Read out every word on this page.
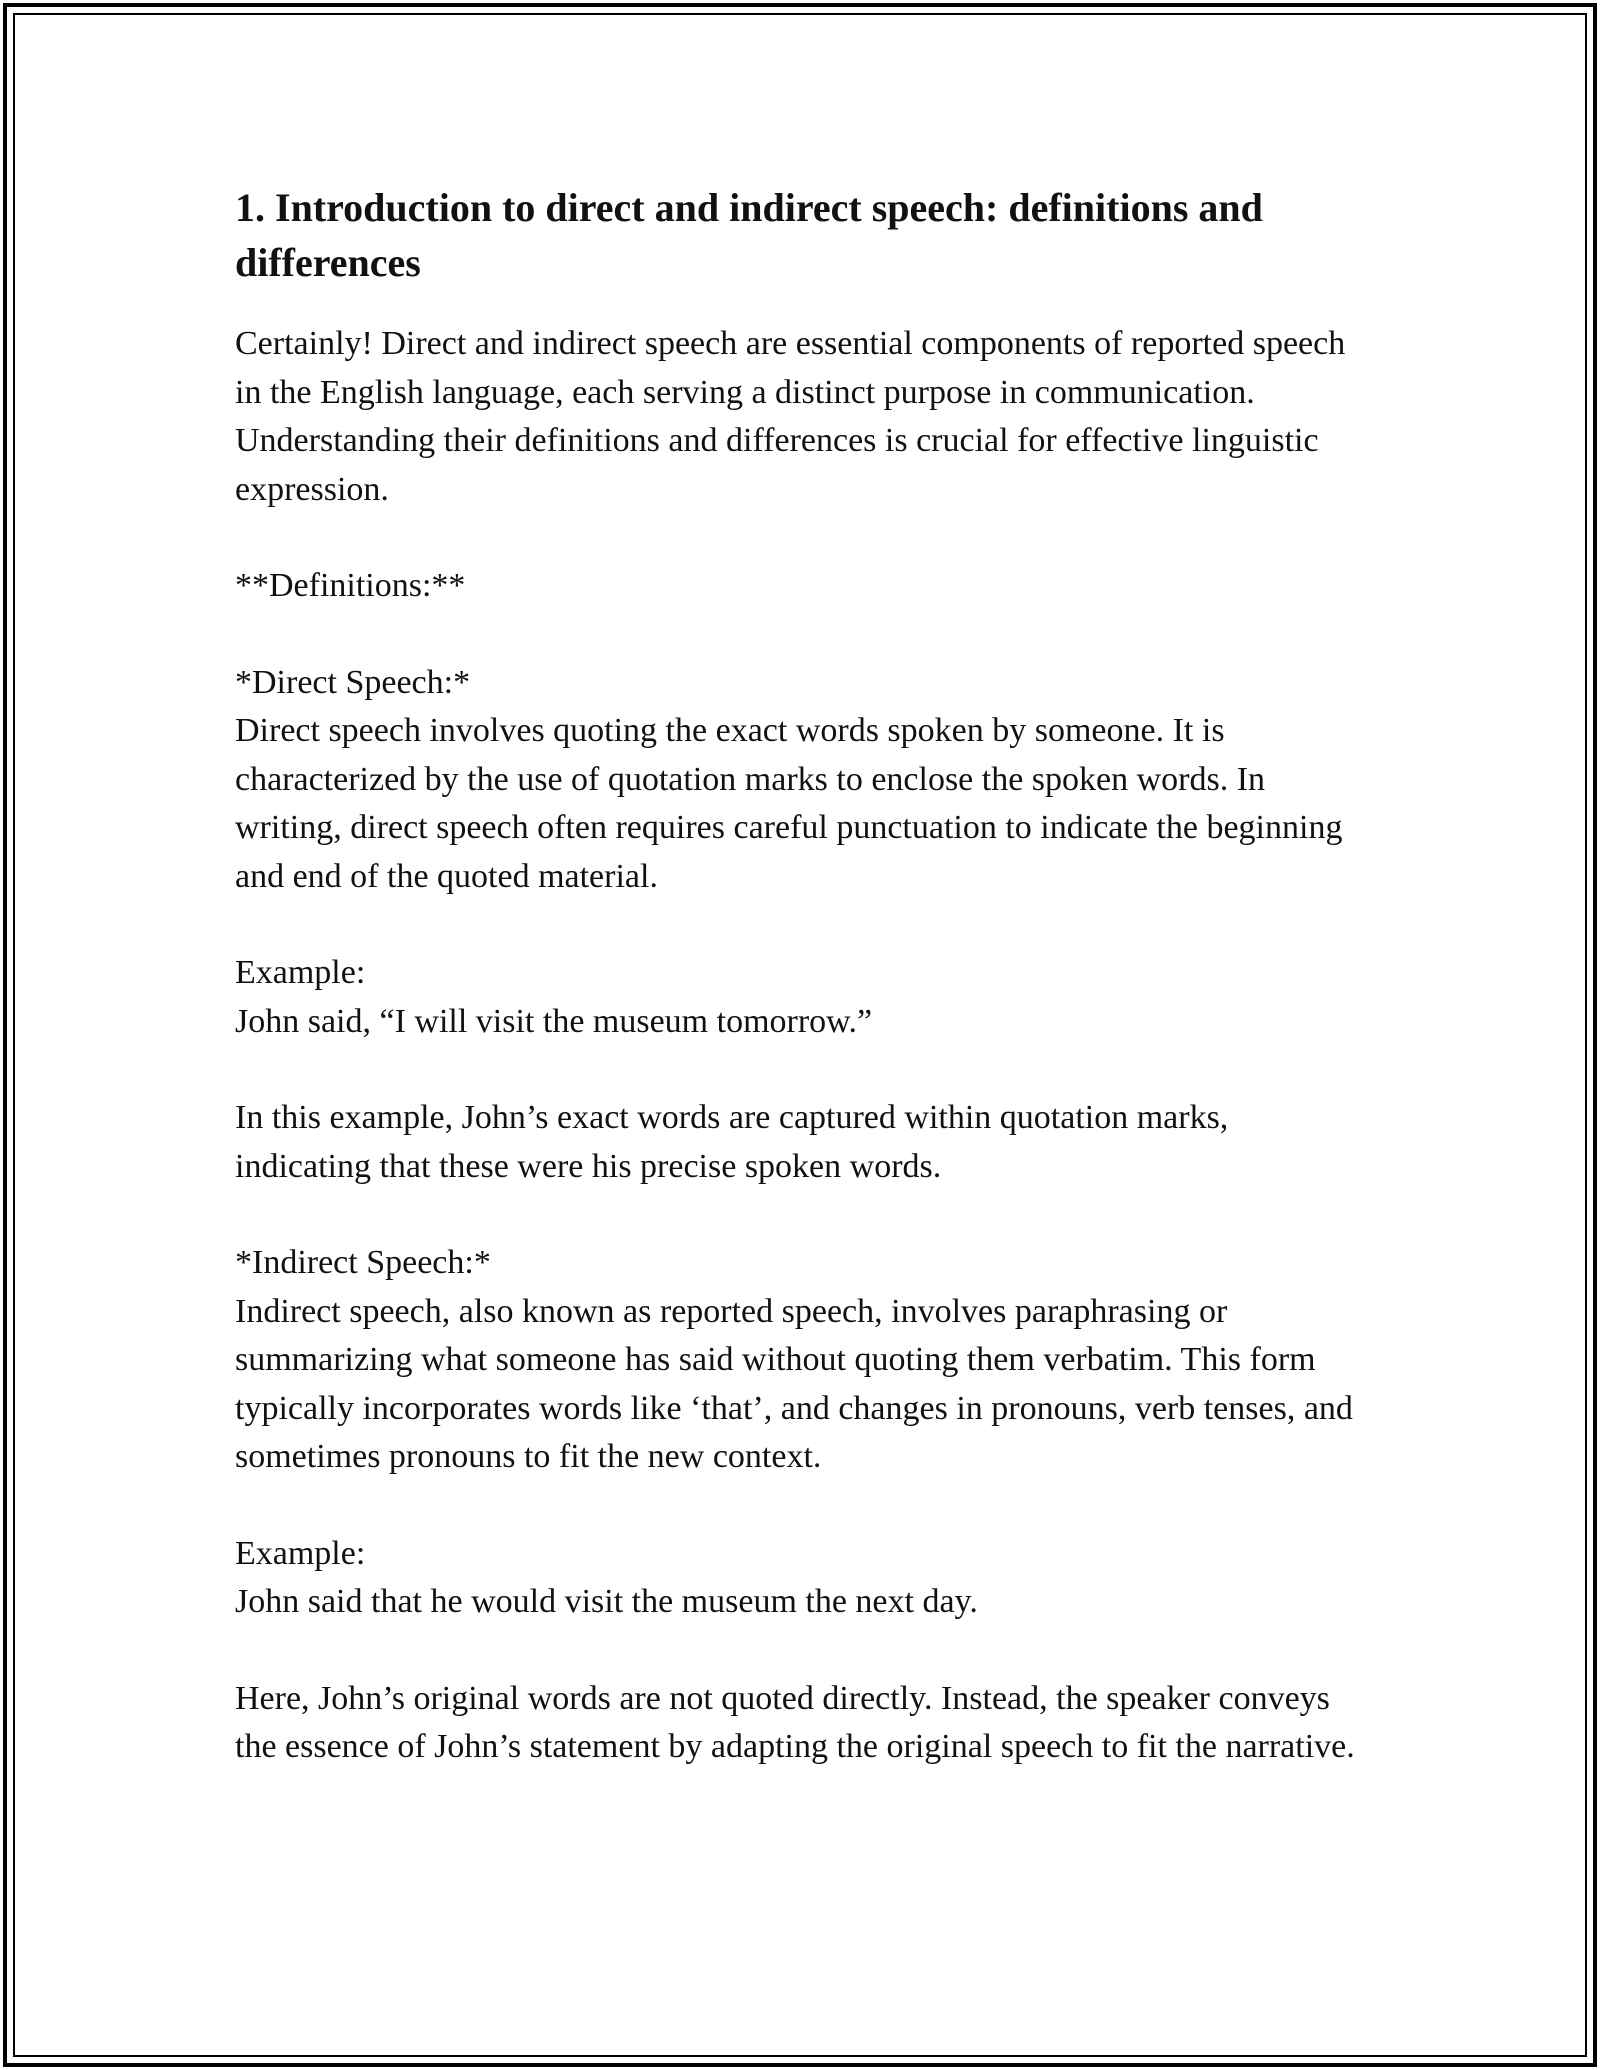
1. Introduction to direct and indirect speech: definitions and differences

Certainly! Direct and indirect speech are essential components of reported speech in the English language, each serving a distinct purpose in communication. Understanding their definitions and differences is crucial for effective linguistic expression.

**Definitions:**

*Direct Speech:*
Direct speech involves quoting the exact words spoken by someone. It is characterized by the use of quotation marks to enclose the spoken words. In writing, direct speech often requires careful punctuation to indicate the beginning and end of the quoted material.

Example:
John said, “I will visit the museum tomorrow.”

In this example, John’s exact words are captured within quotation marks, indicating that these were his precise spoken words.

*Indirect Speech:*
Indirect speech, also known as reported speech, involves paraphrasing or summarizing what someone has said without quoting them verbatim. This form typically incorporates words like ‘that’, and changes in pronouns, verb tenses, and sometimes pronouns to fit the new context.

Example:
John said that he would visit the museum the next day.

Here, John’s original words are not quoted directly. Instead, the speaker conveys the essence of John’s statement by adapting the original speech to fit the narrative.
